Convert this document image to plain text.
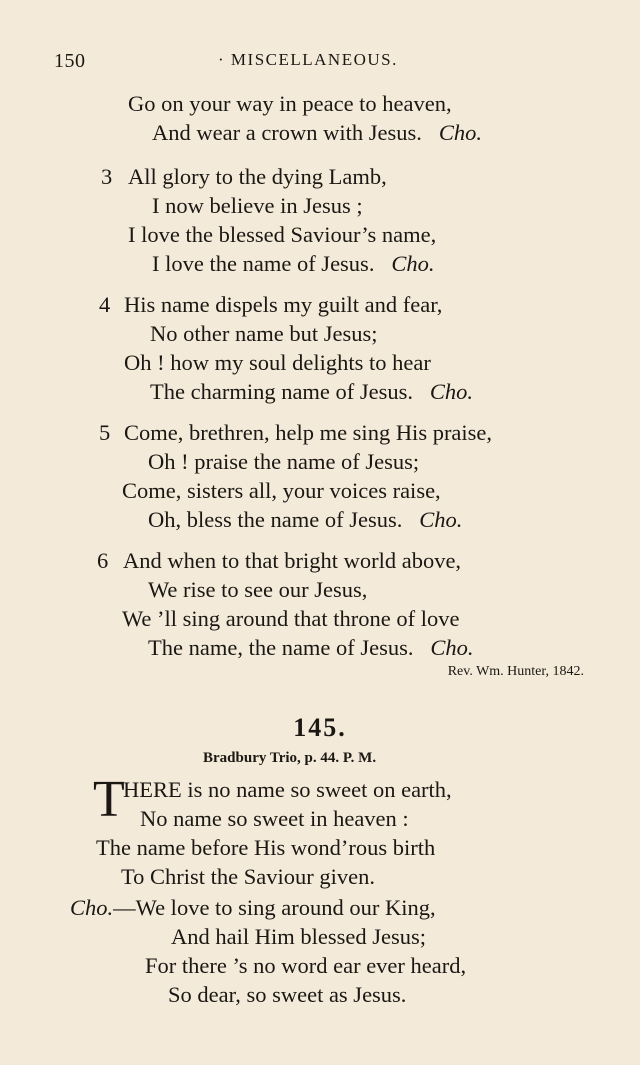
150	· MISCELLANEOUS.
Go on your way in peace to heaven,
And wear a crown with Jesus. Cho.
3 All glory to the dying Lamb,
I now believe in Jesus ;
I love the blessed Saviour’s name,
I love the name of Jesus. Cho.
4 His name dispels my guilt and fear,
No other name but Jesus;
Oh ! how my soul delights to hear
The charming name of Jesus. Cho.
5 Come, brethren, help me sing His praise,
Oh ! praise the name of Jesus;
Come, sisters all, your voices raise,
Oh, bless the name of Jesus. Cho.
6 And when to that bright world above,
We rise to see our Jesus,
We ’ll sing around that throne of love
The name, the name of Jesus. Cho.
Rev. Wm. Hunter, 1842.
145.
Bradbury Trio, p. 44. P. M.
T
HERE is no name so sweet on earth,
No name so sweet in heaven :
The name before His wond’rous birth
To Christ the Saviour given.
Cho.—We love to sing around our King,
And hail Him blessed Jesus;
For there ’s no word ear ever heard,
So dear, so sweet as Jesus.
